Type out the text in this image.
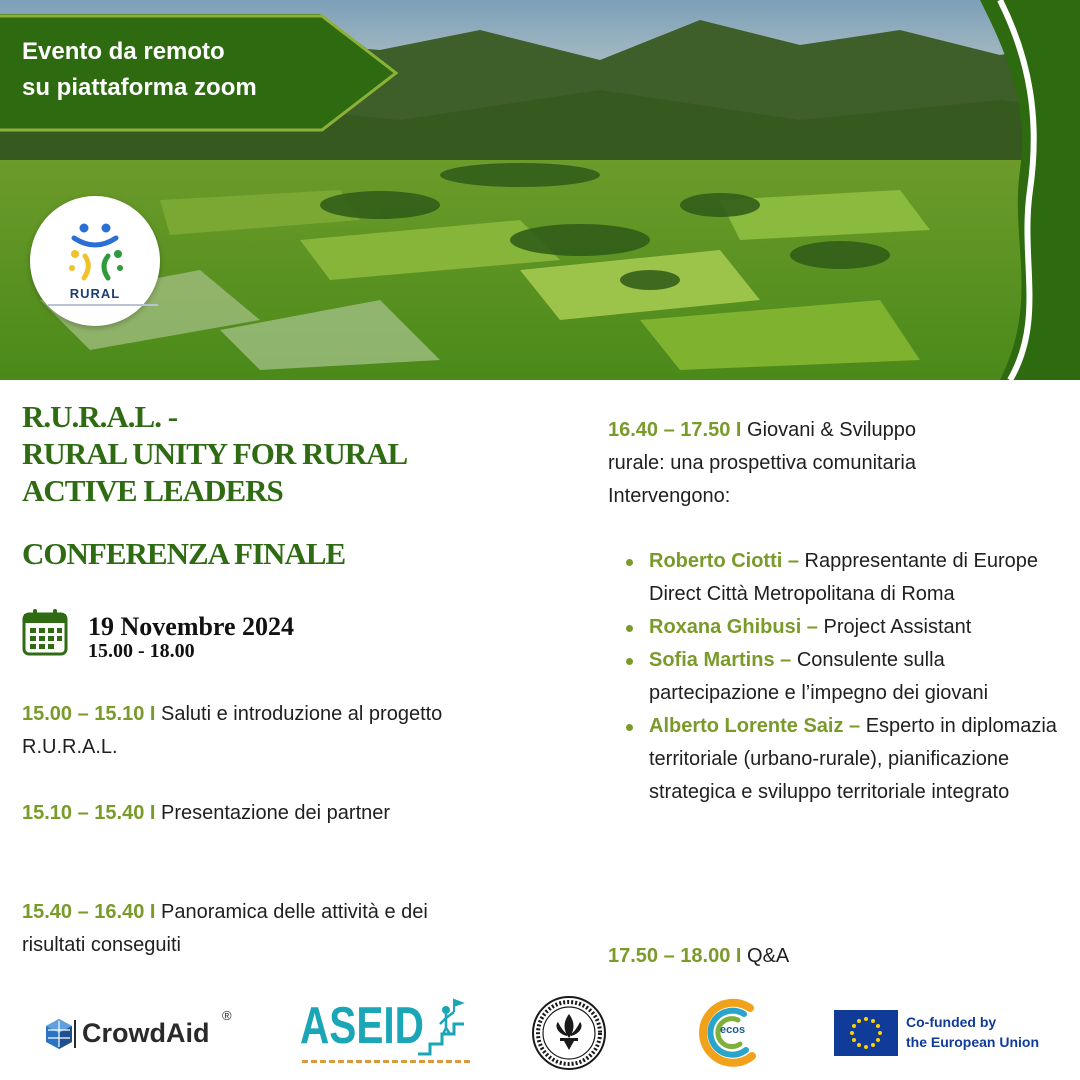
Evento da remoto
su piattaforma zoom
RURAL
R.U.R.A.L. -
RURAL UNITY FOR RURAL
ACTIVE LEADERS
CONFERENZA FINALE
19 Novembre 2024
15.00 - 18.00
15.00 – 15.10 I Saluti e introduzione al progetto R.U.R.A.L.
15.10 – 15.40 I Presentazione dei partner
15.40 – 16.40 I Panoramica delle attività e dei risultati conseguiti
16.40 – 17.50 I Giovani & Sviluppo
rurale: una prospettiva comunitaria
Intervengono:
Roberto Ciotti – Rappresentante di Europe Direct Città Metropolitana di Roma
Roxana Ghibusi – Project Assistant
Sofia Martins – Consulente sulla partecipazione e l’impegno dei giovani
Alberto Lorente Saiz – Esperto in diplomazia territoriale (urbano-rurale), pianificazione strategica e sviluppo territoriale integrato
17.50 – 18.00 I Q&A
CrowdAid
® ASEID	ecos	Co-funded by
the European Union
